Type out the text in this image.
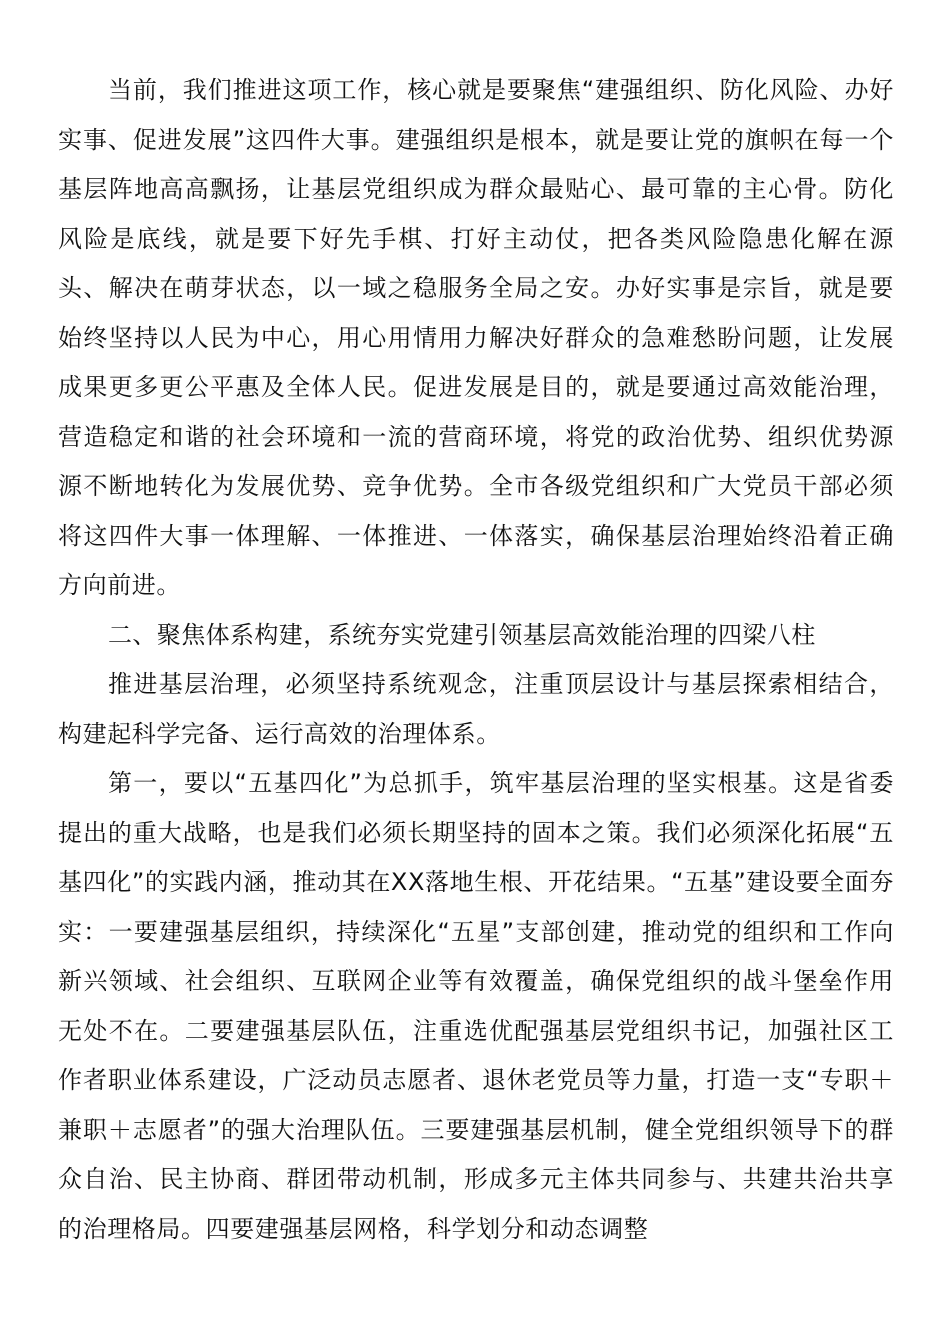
当前，我们推进这项工作，核心就是要聚焦“建强组织、防化风险、办好实事、促进发展”这四件大事。建强组织是根本，就是要让党的旗帜在每一个基层阵地高高飘扬，让基层党组织成为群众最贴心、最可靠的主心骨。防化风险是底线，就是要下好先手棋、打好主动仗，把各类风险隐患化解在源头、解决在萌芽状态，以一域之稳服务全局之安。办好实事是宗旨，就是要始终坚持以人民为中心，用心用情用力解决好群众的急难愁盼问题，让发展成果更多更公平惠及全体人民。促进发展是目的，就是要通过高效能治理，营造稳定和谐的社会环境和一流的营商环境，将党的政治优势、组织优势源源不断地转化为发展优势、竞争优势。全市各级党组织和广大党员干部必须将这四件大事一体理解、一体推进、一体落实，确保基层治理始终沿着正确方向前进。

二、聚焦体系构建，系统夯实党建引领基层高效能治理的四梁八柱

推进基层治理，必须坚持系统观念，注重顶层设计与基层探索相结合，构建起科学完备、运行高效的治理体系。

第一，要以“五基四化”为总抓手，筑牢基层治理的坚实根基。这是省委提出的重大战略，也是我们必须长期坚持的固本之策。我们必须深化拓展“五基四化”的实践内涵，推动其在XX落地生根、开花结果。“五基”建设要全面夯实：一要建强基层组织，持续深化“五星”支部创建，推动党的组织和工作向新兴领域、社会组织、互联网企业等有效覆盖，确保党组织的战斗堡垒作用无处不在。二要建强基层队伍，注重选优配强基层党组织书记，加强社区工作者职业体系建设，广泛动员志愿者、退休老党员等力量，打造一支“专职＋兼职＋志愿者”的强大治理队伍。三要建强基层机制，健全党组织领导下的群众自治、民主协商、群团带动机制，形成多元主体共同参与、共建共治共享的治理格局。四要建强基层网格，科学划分和动态调整
